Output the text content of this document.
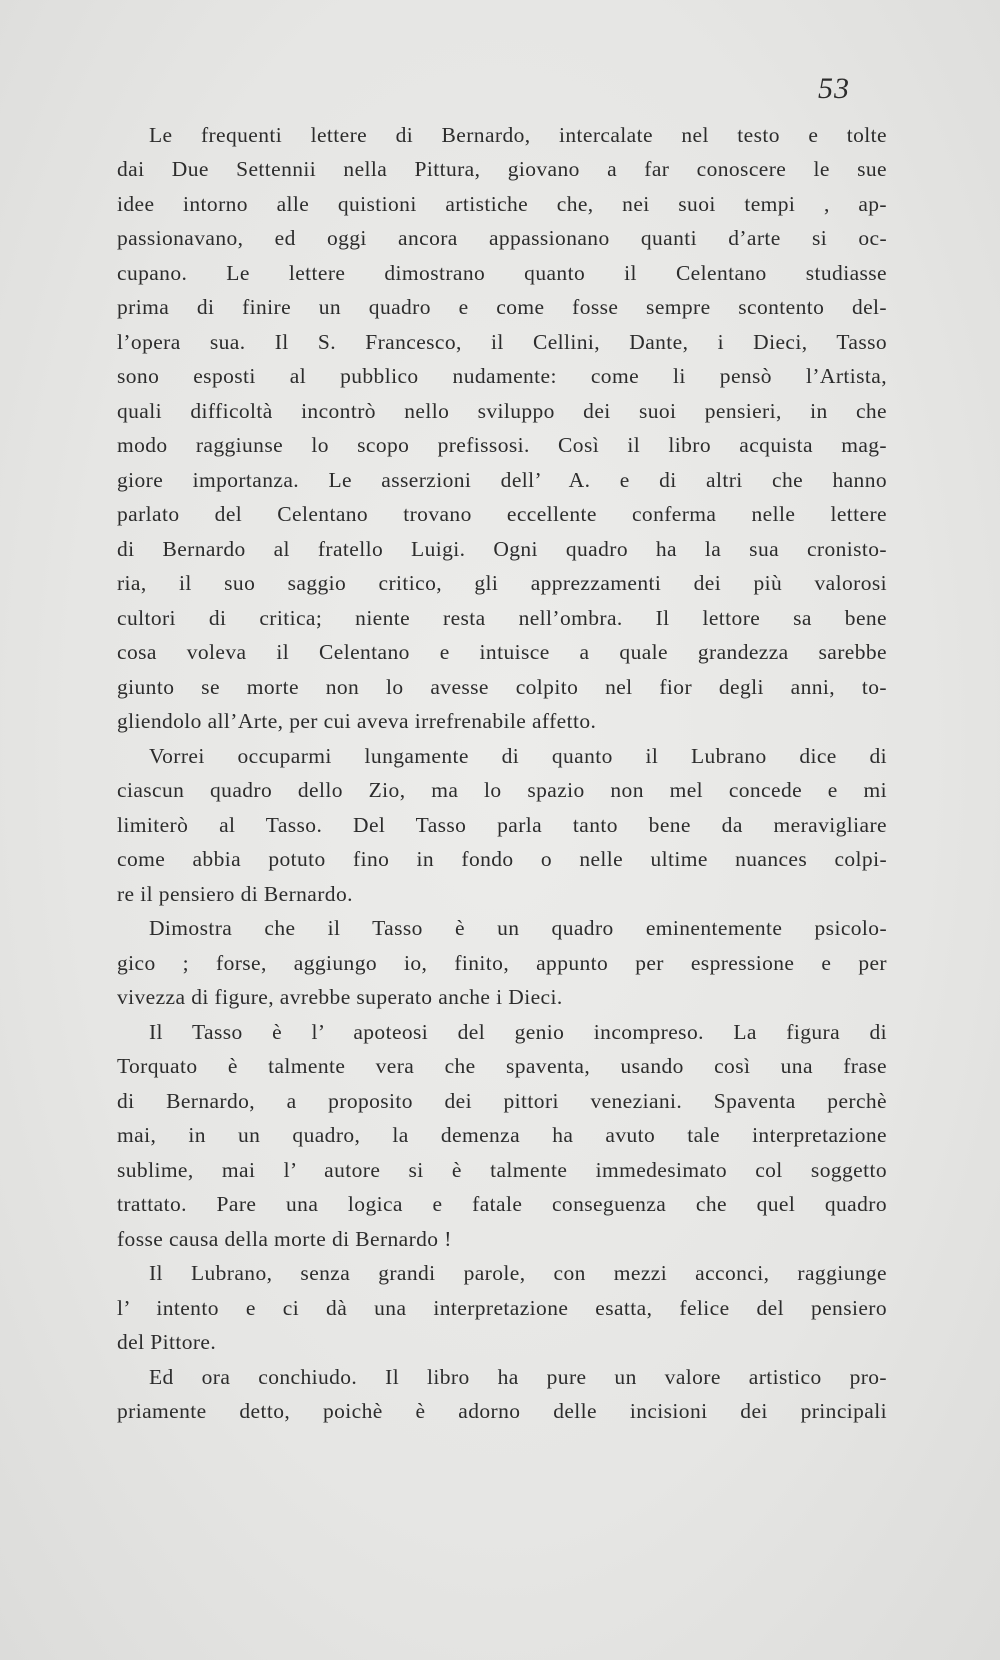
53
Le frequenti lettere di Bernardo, intercalate nel testo e tolte
dai Due Settennii nella Pittura, giovano a far conoscere le sue
idee intorno alle quistioni artistiche che, nei suoi tempi , ap-
passionavano, ed oggi ancora appassionano quanti d’arte si oc-
cupano. Le lettere dimostrano quanto il Celentano studiasse
prima di finire un quadro e come fosse sempre scontento del-
l’opera sua. Il S. Francesco, il Cellini, Dante, i Dieci, Tasso
sono esposti al pubblico nudamente: come li pensò l’Artista,
quali difficoltà incontrò nello sviluppo dei suoi pensieri, in che
modo raggiunse lo scopo prefissosi. Così il libro acquista mag-
giore importanza. Le asserzioni dell’ A. e di altri che hanno
parlato del Celentano trovano eccellente conferma nelle lettere
di Bernardo al fratello Luigi. Ogni quadro ha la sua cronisto-
ria, il suo saggio critico, gli apprezzamenti dei più valorosi
cultori di critica; niente resta nell’ombra. Il lettore sa bene
cosa voleva il Celentano e intuisce a quale grandezza sarebbe
giunto se morte non lo avesse colpito nel fior degli anni, to-
gliendolo all’Arte, per cui aveva irrefrenabile affetto.
Vorrei occuparmi lungamente di quanto il Lubrano dice di
ciascun quadro dello Zio, ma lo spazio non mel concede e mi
limiterò al Tasso. Del Tasso parla tanto bene da meravigliare
come abbia potuto fino in fondo o nelle ultime nuances colpi-
re il pensiero di Bernardo.
Dimostra che il Tasso è un quadro eminentemente psicolo-
gico ; forse, aggiungo io, finito, appunto per espressione e per
vivezza di figure, avrebbe superato anche i Dieci.
Il Tasso è l’ apoteosi del genio incompreso. La figura di
Torquato è talmente vera che spaventa, usando così una frase
di Bernardo, a proposito dei pittori veneziani. Spaventa perchè
mai, in un quadro, la demenza ha avuto tale interpretazione
sublime, mai l’ autore si è talmente immedesimato col soggetto
trattato. Pare una logica e fatale conseguenza che quel quadro
fosse causa della morte di Bernardo !
Il Lubrano, senza grandi parole, con mezzi acconci, raggiunge
l’ intento e ci dà una interpretazione esatta, felice del pensiero
del Pittore.
Ed ora conchiudo. Il libro ha pure un valore artistico pro-
priamente detto, poichè è adorno delle incisioni dei principali
